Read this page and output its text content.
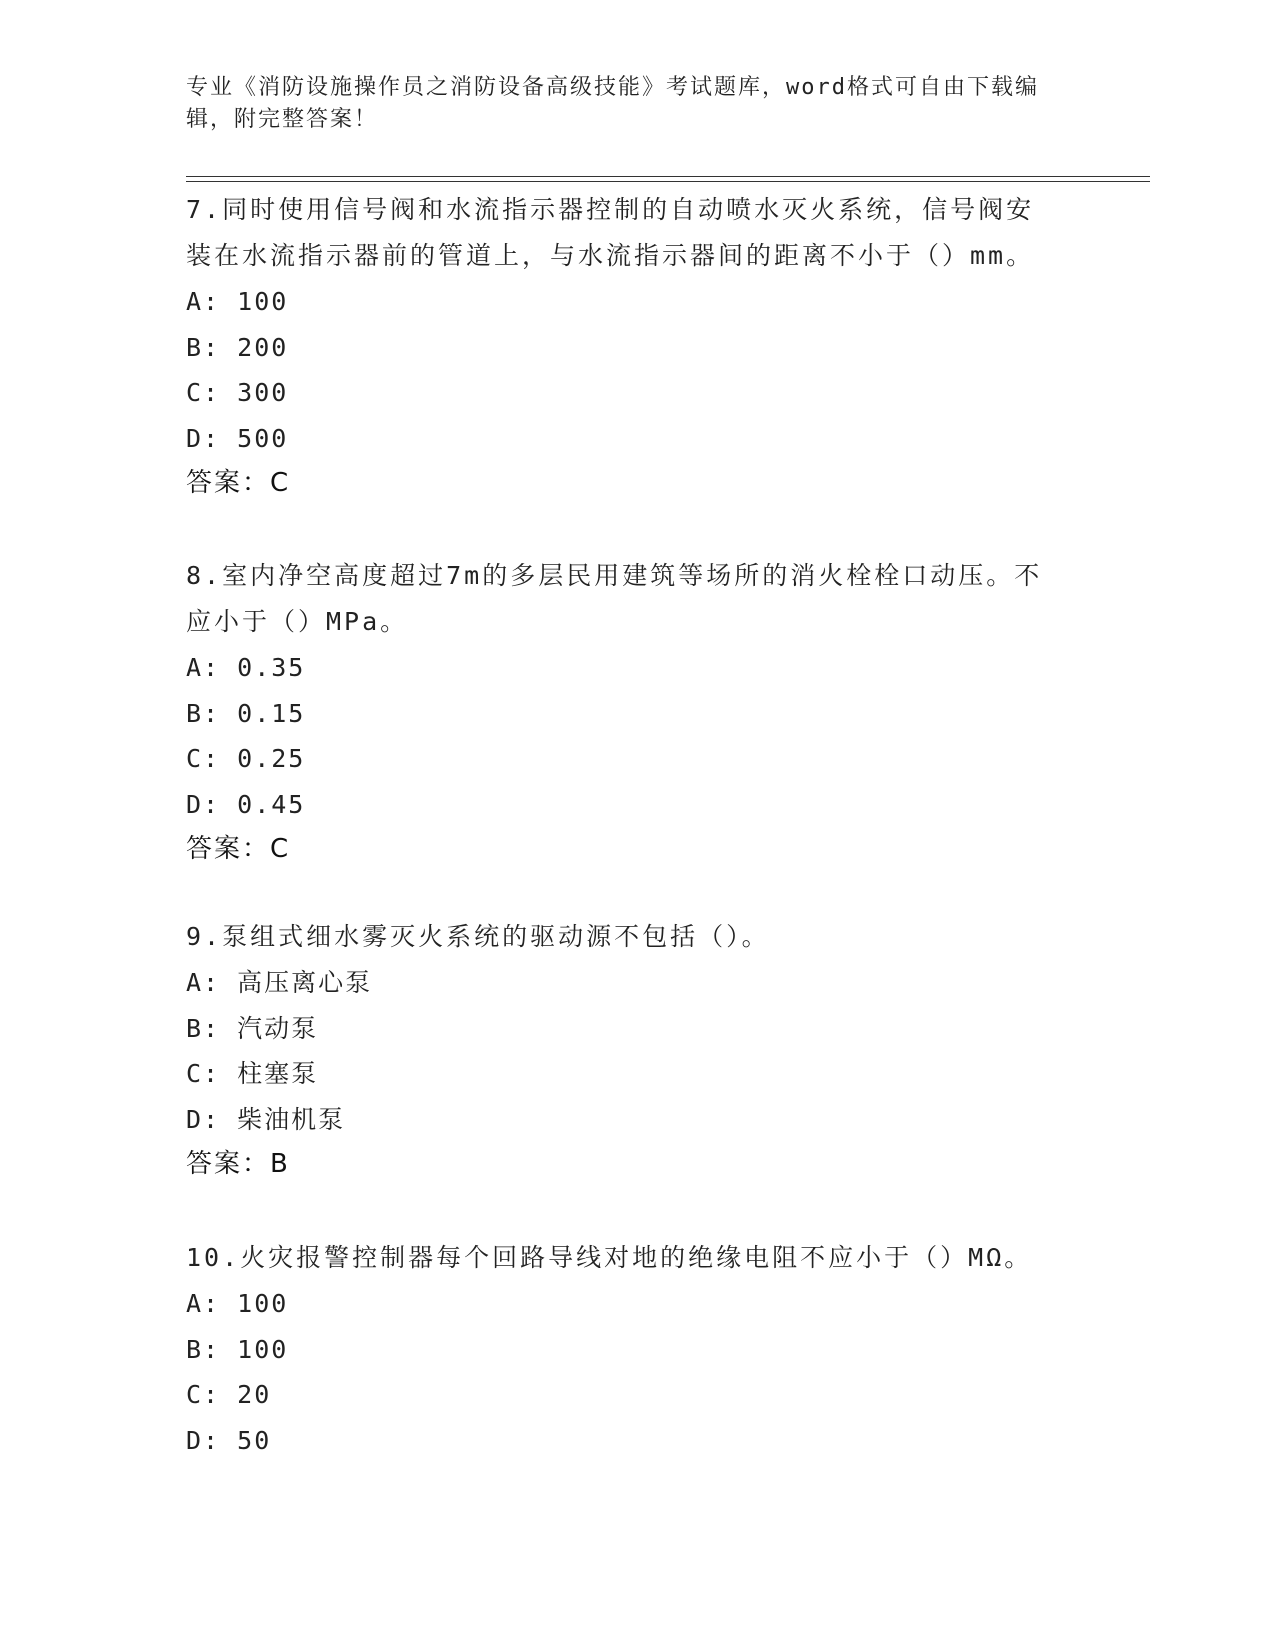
专业《消防设施操作员之消防设备高级技能》考试题库，word格式可自由下载编
辑，附完整答案！

7.同时使用信号阀和水流指示器控制的自动喷水灭火系统，信号阀安

装在水流指示器前的管道上，与水流指示器间的距离不小于（）mm。

A: 100

B: 200

C: 300

D: 500

答案：C

8.室内净空高度超过7m的多层民用建筑等场所的消火栓栓口动压。不

应小于（）MPa。

A: 0.35

B: 0.15

C: 0.25

D: 0.45

答案：C

9.泵组式细水雾灭火系统的驱动源不包括（）。

A: 高压离心泵

B: 汽动泵

C: 柱塞泵

D: 柴油机泵

答案：B

10.火灾报警控制器每个回路导线对地的绝缘电阻不应小于（）MΩ。

A: 100

B: 100

C: 20

D: 50
